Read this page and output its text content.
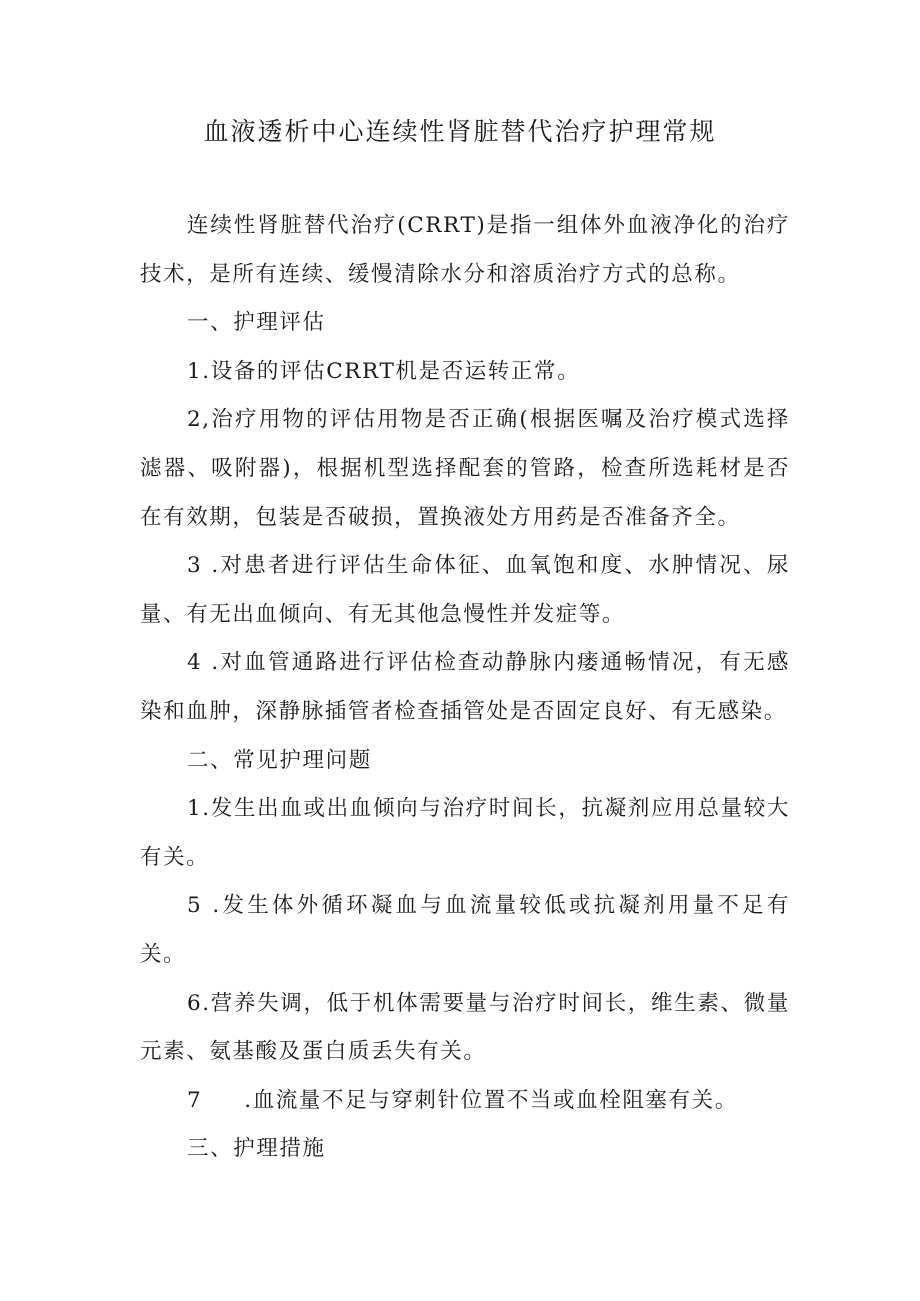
血液透析中心连续性肾脏替代治疗护理常规

连续性肾脏替代治疗(CRRT)是指一组体外血液净化的治疗技术，是所有连续、缓慢清除水分和溶质治疗方式的总称。

一、护理评估

1.设备的评估CRRT机是否运转正常。

2,治疗用物的评估用物是否正确(根据医嘱及治疗模式选择滤器、吸附器)，根据机型选择配套的管路，检查所选耗材是否在有效期，包装是否破损，置换液处方用药是否准备齐全。

3 .对患者进行评估生命体征、血氧饱和度、水肿情况、尿量、有无出血倾向、有无其他急慢性并发症等。

4 .对血管通路进行评估检查动静脉内瘘通畅情况，有无感染和血肿，深静脉插管者检查插管处是否固定良好、有无感染。

二、常见护理问题

1.发生出血或出血倾向与治疗时间长，抗凝剂应用总量较大有关。

5 .发生体外循环凝血与血流量较低或抗凝剂用量不足有关。

6.营养失调，低于机体需要量与治疗时间长，维生素、微量元素、氨基酸及蛋白质丢失有关。

7 .血流量不足与穿刺针位置不当或血栓阻塞有关。

三、护理措施
